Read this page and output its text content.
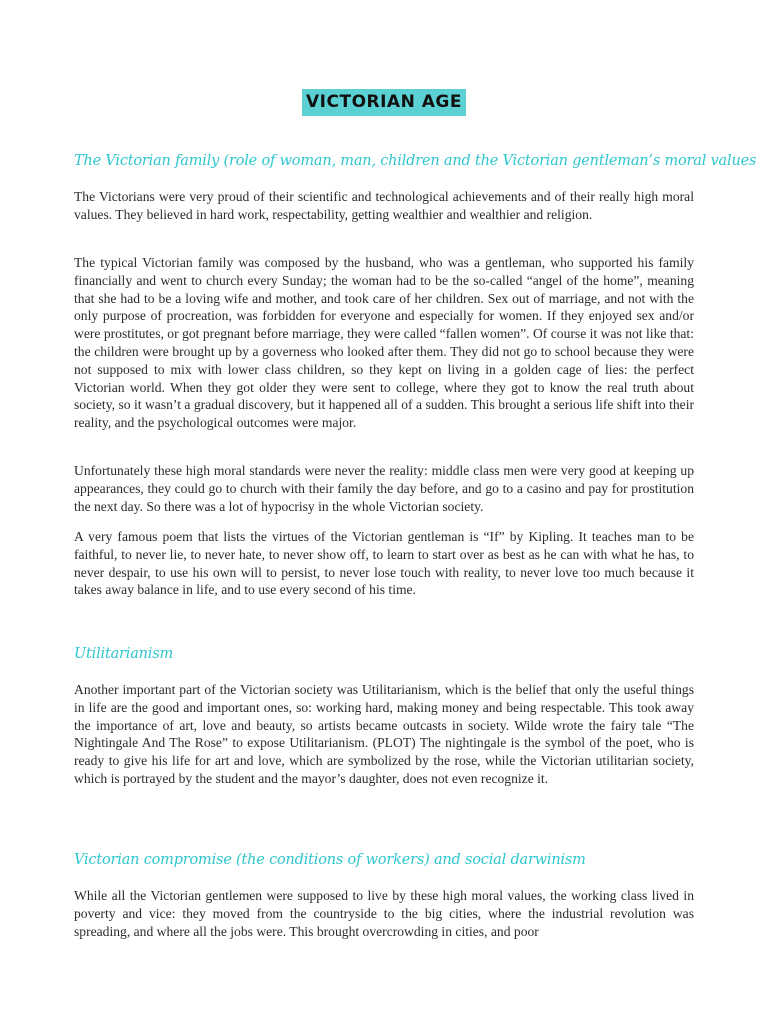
VICTORIAN AGE
The Victorian family (role of woman, man, children and the Victorian gentleman’s moral values

The Victorians were very proud of their scientific and technological achievements and of their really high moral values. They believed in hard work, respectability, getting wealthier and wealthier and religion.

The typical Victorian family was composed by the husband, who was a gentleman, who supported his family financially and went to church every Sunday; the woman had to be the so-called “angel of the home”, meaning that she had to be a loving wife and mother, and took care of her children. Sex out of marriage, and not with the only purpose of procreation, was forbidden for everyone and especially for women. If they enjoyed sex and/or were prostitutes, or got pregnant before marriage, they were called “fallen women”. Of course it was not like that: the children were brought up by a governess who looked after them. They did not go to school because they were not supposed to mix with lower class children, so they kept on living in a golden cage of lies: the perfect Victorian world. When they got older they were sent to college, where they got to know the real truth about society, so it wasn’t a gradual discovery, but it happened all of a sudden. This brought a serious life shift into their reality, and the psychological outcomes were major.

Unfortunately these high moral standards were never the reality: middle class men were very good at keeping up appearances, they could go to church with their family the day before, and go to a casino and pay for prostitution the next day. So there was a lot of hypocrisy in the whole Victorian society.

A very famous poem that lists the virtues of the Victorian gentleman is “If” by Kipling. It teaches man to be faithful, to never lie, to never hate, to never show off, to learn to start over as best as he can with what he has, to never despair, to use his own will to persist, to never lose touch with reality, to never love too much because it takes away balance in life, and to use every second of his time.

Utilitarianism

Another important part of the Victorian society was Utilitarianism, which is the belief that only the useful things in life are the good and important ones, so: working hard, making money and being respectable. This took away the importance of art, love and beauty, so artists became outcasts in society. Wilde wrote the fairy tale “The Nightingale And The Rose” to expose Utilitarianism. (PLOT) The nightingale is the symbol of the poet, who is ready to give his life for art and love, which are symbolized by the rose, while the Victorian utilitarian society, which is portrayed by the student and the mayor’s daughter, does not even recognize it.

Victorian compromise (the conditions of workers) and social darwinism

While all the Victorian gentlemen were supposed to live by these high moral values, the working class lived in poverty and vice: they moved from the countryside to the big cities, where the industrial revolution was spreading, and where all the jobs were. This brought overcrowding in cities, and poor
